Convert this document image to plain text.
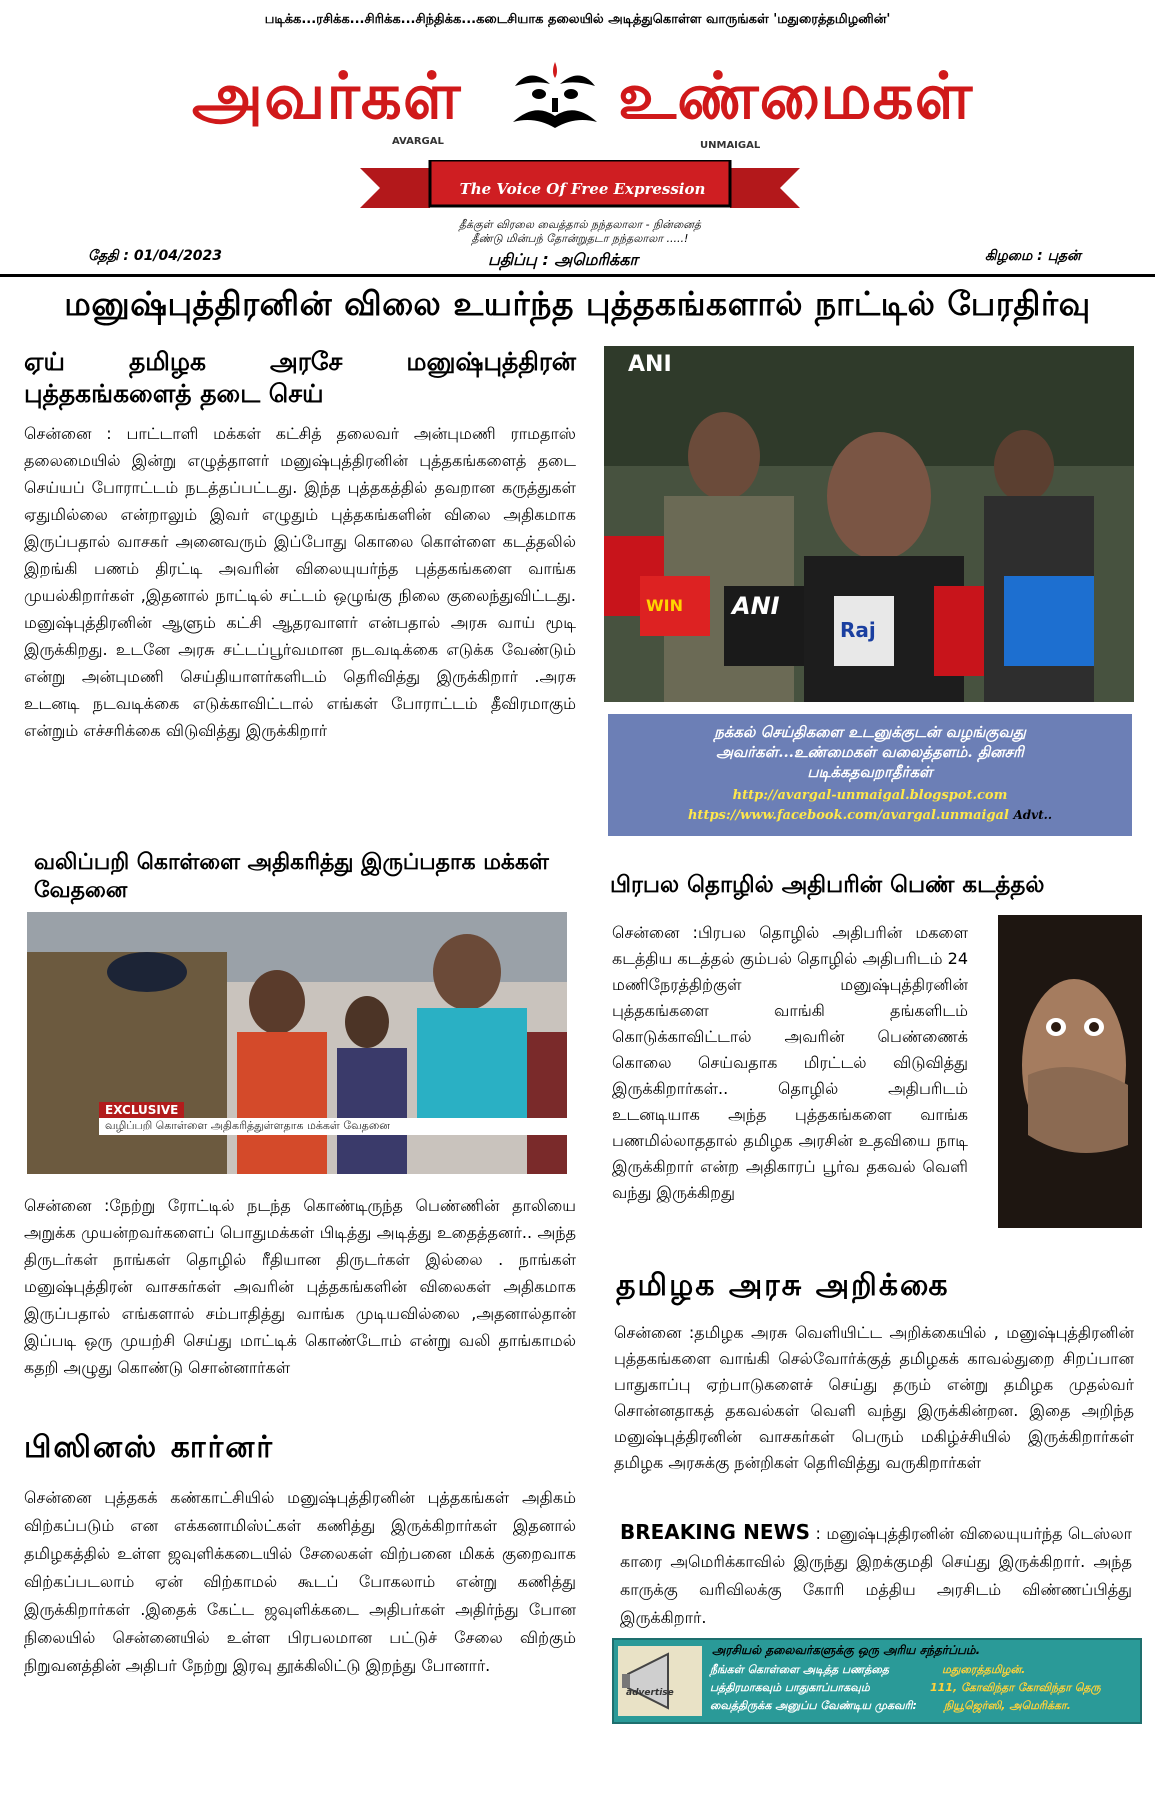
படிக்க...ரசிக்க...சிரிக்க...சிந்திக்க...கடைசியாக தலையில் அடித்துகொள்ள வாருங்கள் 'மதுரைத்தமிழனின்'
அவர்கள்
AVARGAL
உண்மைகள்
UNMAIGAL
The Voice Of Free Expression
தீக்குள் விரலை வைத்தால் நந்தலாலா - நின்னைத்
தீண்டு மின்பந் தோன்றுதடா நந்தலாலா .....!
தேதி : 01/04/2023	பதிப்பு : அமெரிக்கா	கிழமை : புதன்
மனுஷ்புத்திரனின் விலை உயர்ந்த புத்தகங்களால் நாட்டில் பேரதிர்வு
ஏய் தமிழக அரசே மனுஷ்புத்திரன்
புத்தகங்களைத் தடை செய்
சென்னை : பாட்டாளி மக்கள் கட்சித் தலைவர் அன்புமணி ராமதாஸ் தலைமையில் இன்று எழுத்தாளர் மனுஷ்புத்திரனின் புத்தகங்களைத் தடை செய்யப் போராட்டம் நடத்தப்பட்டது. இந்த புத்தகத்தில் தவறான கருத்துகள் ஏதுமில்லை என்றாலும் இவர் எழுதும் புத்தகங்களின் விலை அதிகமாக இருப்பதால் வாசகர் அனைவரும் இப்போது கொலை கொள்ளை கடத்தலில் இறங்கி பணம் திரட்டி அவரின் விலையுயர்ந்த புத்தகங்களை வாங்க முயல்கிறார்கள் ,இதனால் நாட்டில் சட்டம் ஒழுங்கு நிலை குலைந்துவிட்டது. மனுஷ்புத்திரனின் ஆளும் கட்சி ஆதரவாளர் என்பதால் அரசு வாய் மூடி இருக்கிறது. உடனே அரசு சட்டப்பூர்வமான நடவடிக்கை எடுக்க வேண்டும் என்று அன்புமணி செய்தியாளர்களிடம் தெரிவித்து இருக்கிறார் .அரசு உடனடி நடவடிக்கை எடுக்காவிட்டால் எங்கள் போராட்டம் தீவிரமாகும் என்றும் எச்சரிக்கை விடுவித்து இருக்கிறார்
ANI
ANI
Raj
WIN
நக்கல் செய்திகளை உடனுக்குடன் வழங்குவது
அவர்கள்...உண்மைகள் வலைத்தளம். தினசரி
படிக்கதவறாதீர்கள்
http://avargal-unmaigal.blogspot.com
https://www.facebook.com/avargal.unmaigal Advt..
வலிப்பறி கொள்ளை அதிகரித்து இருப்பதாக மக்கள் வேதனை
EXCLUSIVE
வழிப்பறி கொள்ளை அதிகரித்துள்ளதாக மக்கள் வேதனை
சென்னை :நேற்று ரோட்டில் நடந்த கொண்டிருந்த பெண்ணின் தாலியை அறுக்க முயன்றவர்களைப் பொதுமக்கள் பிடித்து அடித்து உதைத்தனர்.. அந்த திருடர்கள் நாங்கள் தொழில் ரீதியான திருடர்கள் இல்லை . நாங்கள் மனுஷ்புத்திரன் வாசகர்கள் அவரின் புத்தகங்களின் விலைகள் அதிகமாக இருப்பதால் எங்களால் சம்பாதித்து வாங்க முடியவில்லை ,அதனால்தான் இப்படி ஒரு முயற்சி செய்து மாட்டிக் கொண்டோம் என்று வலி தாங்காமல் கதறி அழுது கொண்டு சொன்னார்கள்
பிரபல தொழில் அதிபரின் பெண் கடத்தல்
சென்னை :பிரபல தொழில் அதிபரின் மகளை கடத்திய கடத்தல் கும்பல் தொழில் அதிபரிடம் 24 மணிநேரத்திற்குள் மனுஷ்புத்திரனின் புத்தகங்களை வாங்கி தங்களிடம் கொடுக்காவிட்டால் அவரின் பெண்ணைக் கொலை செய்வதாக மிரட்டல் விடுவித்து இருக்கிறார்கள்.. தொழில் அதிபரிடம் உடனடியாக அந்த புத்தகங்களை வாங்க பணமில்லாததால் தமிழக அரசின் உதவியை நாடி இருக்கிறார் என்ற அதிகாரப் பூர்வ தகவல் வெளி வந்து இருக்கிறது
பிஸினஸ் கார்னர்
சென்னை புத்தகக் கண்காட்சியில் மனுஷ்புத்திரனின் புத்தகங்கள் அதிகம் விற்கப்படும் என எக்கனாமிஸ்ட்கள் கணித்து இருக்கிறார்கள் இதனால் தமிழகத்தில் உள்ள ஜவுளிக்கடையில் சேலைகள் விற்பனை மிகக் குறைவாக விற்கப்படலாம் ஏன் விற்காமல் கூடப் போகலாம் என்று கணித்து இருக்கிறார்கள் .இதைக் கேட்ட ஜவுளிக்கடை அதிபர்கள் அதிர்ந்து போன நிலையில் சென்னையில் உள்ள பிரபலமான பட்டுச் சேலை விற்கும் நிறுவனத்தின் அதிபர் நேற்று இரவு தூக்கிலிட்டு இறந்து போனார்.
தமிழக அரசு அறிக்கை
சென்னை :தமிழக அரசு வெளியிட்ட அறிக்கையில் , மனுஷ்புத்திரனின் புத்தகங்களை வாங்கி செல்வோர்க்குத் தமிழகக் காவல்துறை சிறப்பான பாதுகாப்பு ஏற்பாடுகளைச் செய்து தரும் என்று தமிழக முதல்வர் சொன்னதாகத் தகவல்கள் வெளி வந்து இருக்கின்றன. இதை அறிந்த மனுஷ்புத்திரனின் வாசகர்கள் பெரும் மகிழ்ச்சியில் இருக்கிறார்கள் தமிழக அரசுக்கு நன்றிகள் தெரிவித்து வருகிறார்கள்
BREAKING NEWS : மனுஷ்புத்திரனின் விலையுயர்ந்த டெஸ்லா காரை அமெரிக்காவில் இருந்து இறக்குமதி செய்து இருக்கிறார். அந்த காருக்கு வரிவிலக்கு கோரி மத்திய அரசிடம் விண்ணப்பித்து இருக்கிறார்.
advertise
அரசியல் தலைவர்களுக்கு ஒரு அரிய சந்தர்ப்பம்.
நீங்கள் கொள்ளை அடித்த பணத்தை
பத்திரமாகவும் பாதுகாப்பாகவும்
வைத்திருக்க அனுப்ப வேண்டிய முகவரி:
மதுரைத்தமிழன்.
111, கோவிந்தா கோவிந்தா தெரு
நியூஜெர்ஸி, அமெரிக்கா.
